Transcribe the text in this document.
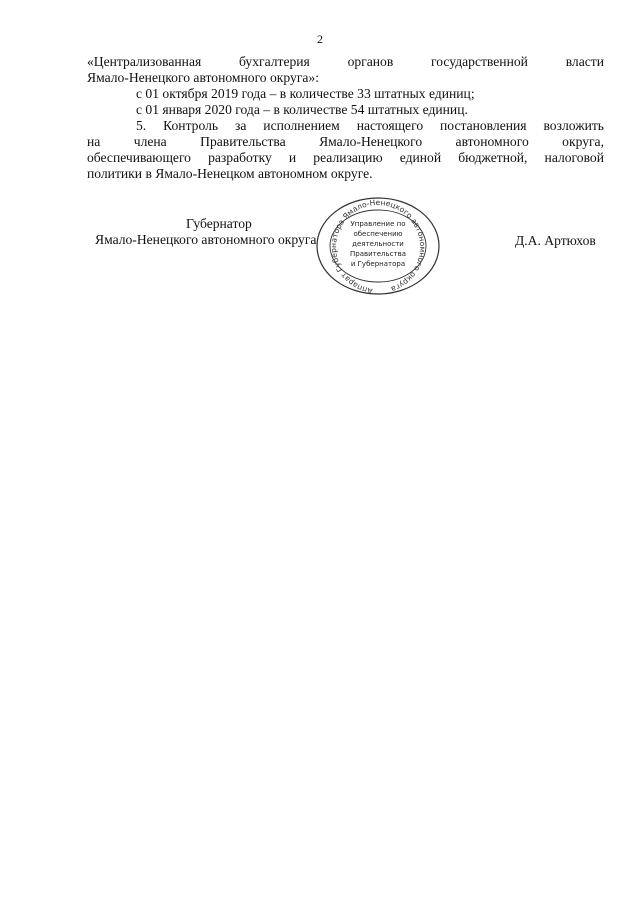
2
«Централизованная бухгалтерия органов государственной власти
Ямало-Ненецкого автономного округа»:
с 01 октября 2019 года – в количестве 33 штатных единиц;
с 01 января 2020 года – в количестве 54 штатных единиц.
5. Контроль за исполнением настоящего постановления возложить
на члена Правительства Ямало-Ненецкого автономного округа,
обеспечивающего разработку и реализацию единой бюджетной, налоговой
политики в Ямало-Ненецком автономном округе.
Аппарат Губернатора Ямало-Ненецкого автономного округа
Управление по
обеспечению
деятельности
Правительства
и Губернатора
Губернатор
Ямало-Ненецкого автономного округа	Д.А. Артюхов
